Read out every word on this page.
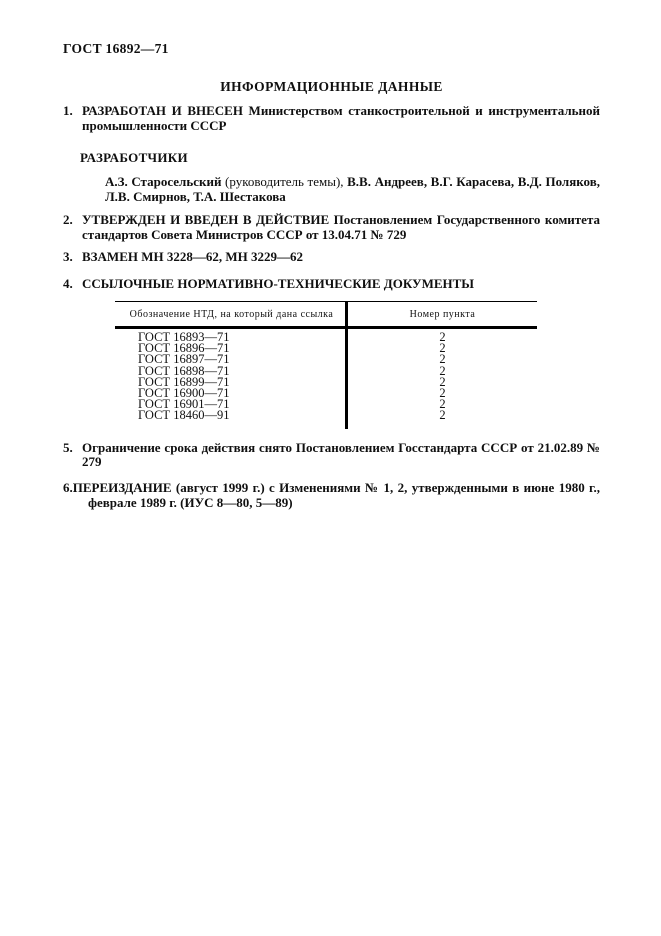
ГОСТ 16892—71
ИНФОРМАЦИОННЫЕ ДАННЫЕ
1. РАЗРАБОТАН И ВНЕСЕН Министерством станкостроительной и инструментальной промышленности СССР
РАЗРАБОТЧИКИ
А.З. Старосельский (руководитель темы), В.В. Андреев, В.Г. Карасева, В.Д. Поляков, Л.В. Смирнов, Т.А. Шестакова
2. УТВЕРЖДЕН И ВВЕДЕН В ДЕЙСТВИЕ Постановлением Государственного комитета стандартов Совета Министров СССР от 13.04.71 № 729
3. ВЗАМЕН МН 3228—62, МН 3229—62
4. ССЫЛОЧНЫЕ НОРМАТИВНО-ТЕХНИЧЕСКИЕ ДОКУМЕНТЫ
Обозначение НТД, на который дана ссылка	Номер пункта
ГОСТ 16893—71	2
ГОСТ 16896—71	2
ГОСТ 16897—71	2
ГОСТ 16898—71	2
ГОСТ 16899—71	2
ГОСТ 16900—71	2
ГОСТ 16901—71	2
ГОСТ 18460—91	2
5. Ограничение срока действия снято Постановлением Госстандарта СССР от 21.02.89 № 279
6.ПЕРЕИЗДАНИЕ (август 1999 г.) с Изменениями № 1, 2, утвержденными в июне 1980 г., феврале 1989 г. (ИУС 8—80, 5—89)
